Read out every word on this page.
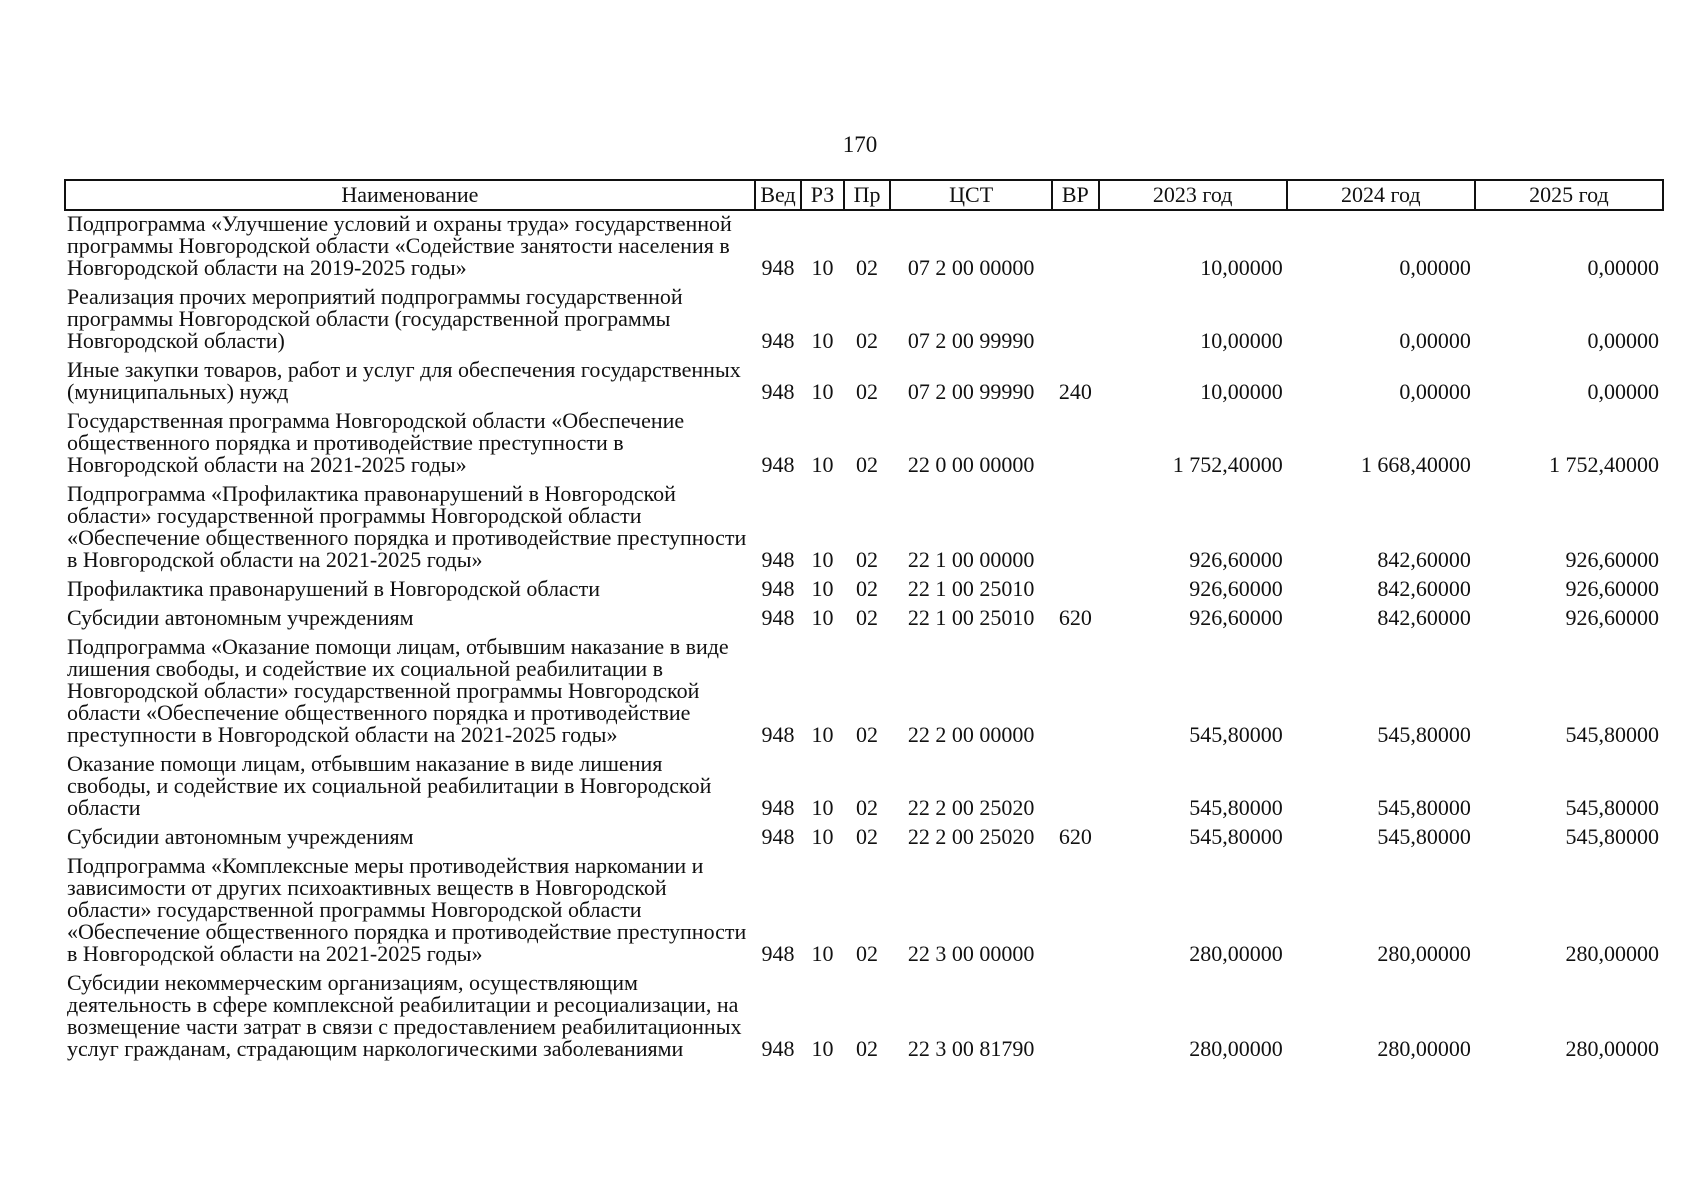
170
Наименование	Вед	РЗ	Пр	ЦСТ	ВР	2023 год	2024 год	2025 год
Подпрограмма «Улучшение условий и охраны труда» государственной программы Новгородской области «Содействие занятости населения в Новгородской области на 2019-2025 годы»	948	10	02	07 2 00 00000		10,00000	0,00000	0,00000
Реализация прочих мероприятий подпрограммы государственной программы Новгородской области (государственной программы Новгородской области)	948	10	02	07 2 00 99990		10,00000	0,00000	0,00000
Иные закупки товаров, работ и услуг для обеспечения государственных (муниципальных) нужд	948	10	02	07 2 00 99990	240	10,00000	0,00000	0,00000
Государственная программа Новгородской области «Обеспечение общественного порядка и противодействие преступности в Новгородской области на 2021-2025 годы»	948	10	02	22 0 00 00000		1 752,40000	1 668,40000	1 752,40000
Подпрограмма «Профилактика правонарушений в Новгородской области» государственной программы Новгородской области «Обеспечение общественного порядка и противодействие преступности в Новгородской области на 2021-2025 годы»	948	10	02	22 1 00 00000		926,60000	842,60000	926,60000
Профилактика правонарушений в Новгородской области	948	10	02	22 1 00 25010		926,60000	842,60000	926,60000
Субсидии автономным учреждениям	948	10	02	22 1 00 25010	620	926,60000	842,60000	926,60000
Подпрограмма «Оказание помощи лицам, отбывшим наказание в виде лишения свободы, и содействие их социальной реабилитации в Новгородской области» государственной программы Новгородской области «Обеспечение общественного порядка и противодействие преступности в Новгородской области на 2021-2025 годы»	948	10	02	22 2 00 00000		545,80000	545,80000	545,80000
Оказание помощи лицам, отбывшим наказание в виде лишения свободы, и содействие их социальной реабилитации в Новгородской области	948	10	02	22 2 00 25020		545,80000	545,80000	545,80000
Субсидии автономным учреждениям	948	10	02	22 2 00 25020	620	545,80000	545,80000	545,80000
Подпрограмма «Комплексные меры противодействия наркомании и зависимости от других психоактивных веществ в Новгородской области» государственной программы Новгородской области «Обеспечение общественного порядка и противодействие преступности в Новгородской области на 2021-2025 годы»	948	10	02	22 3 00 00000		280,00000	280,00000	280,00000
Субсидии некоммерческим организациям, осуществляющим деятельность в сфере комплексной реабилитации и ресоциализации, на возмещение части затрат в связи с предоставлением реабилитационных услуг гражданам, страдающим наркологическими заболеваниями	948	10	02	22 3 00 81790		280,00000	280,00000	280,00000
